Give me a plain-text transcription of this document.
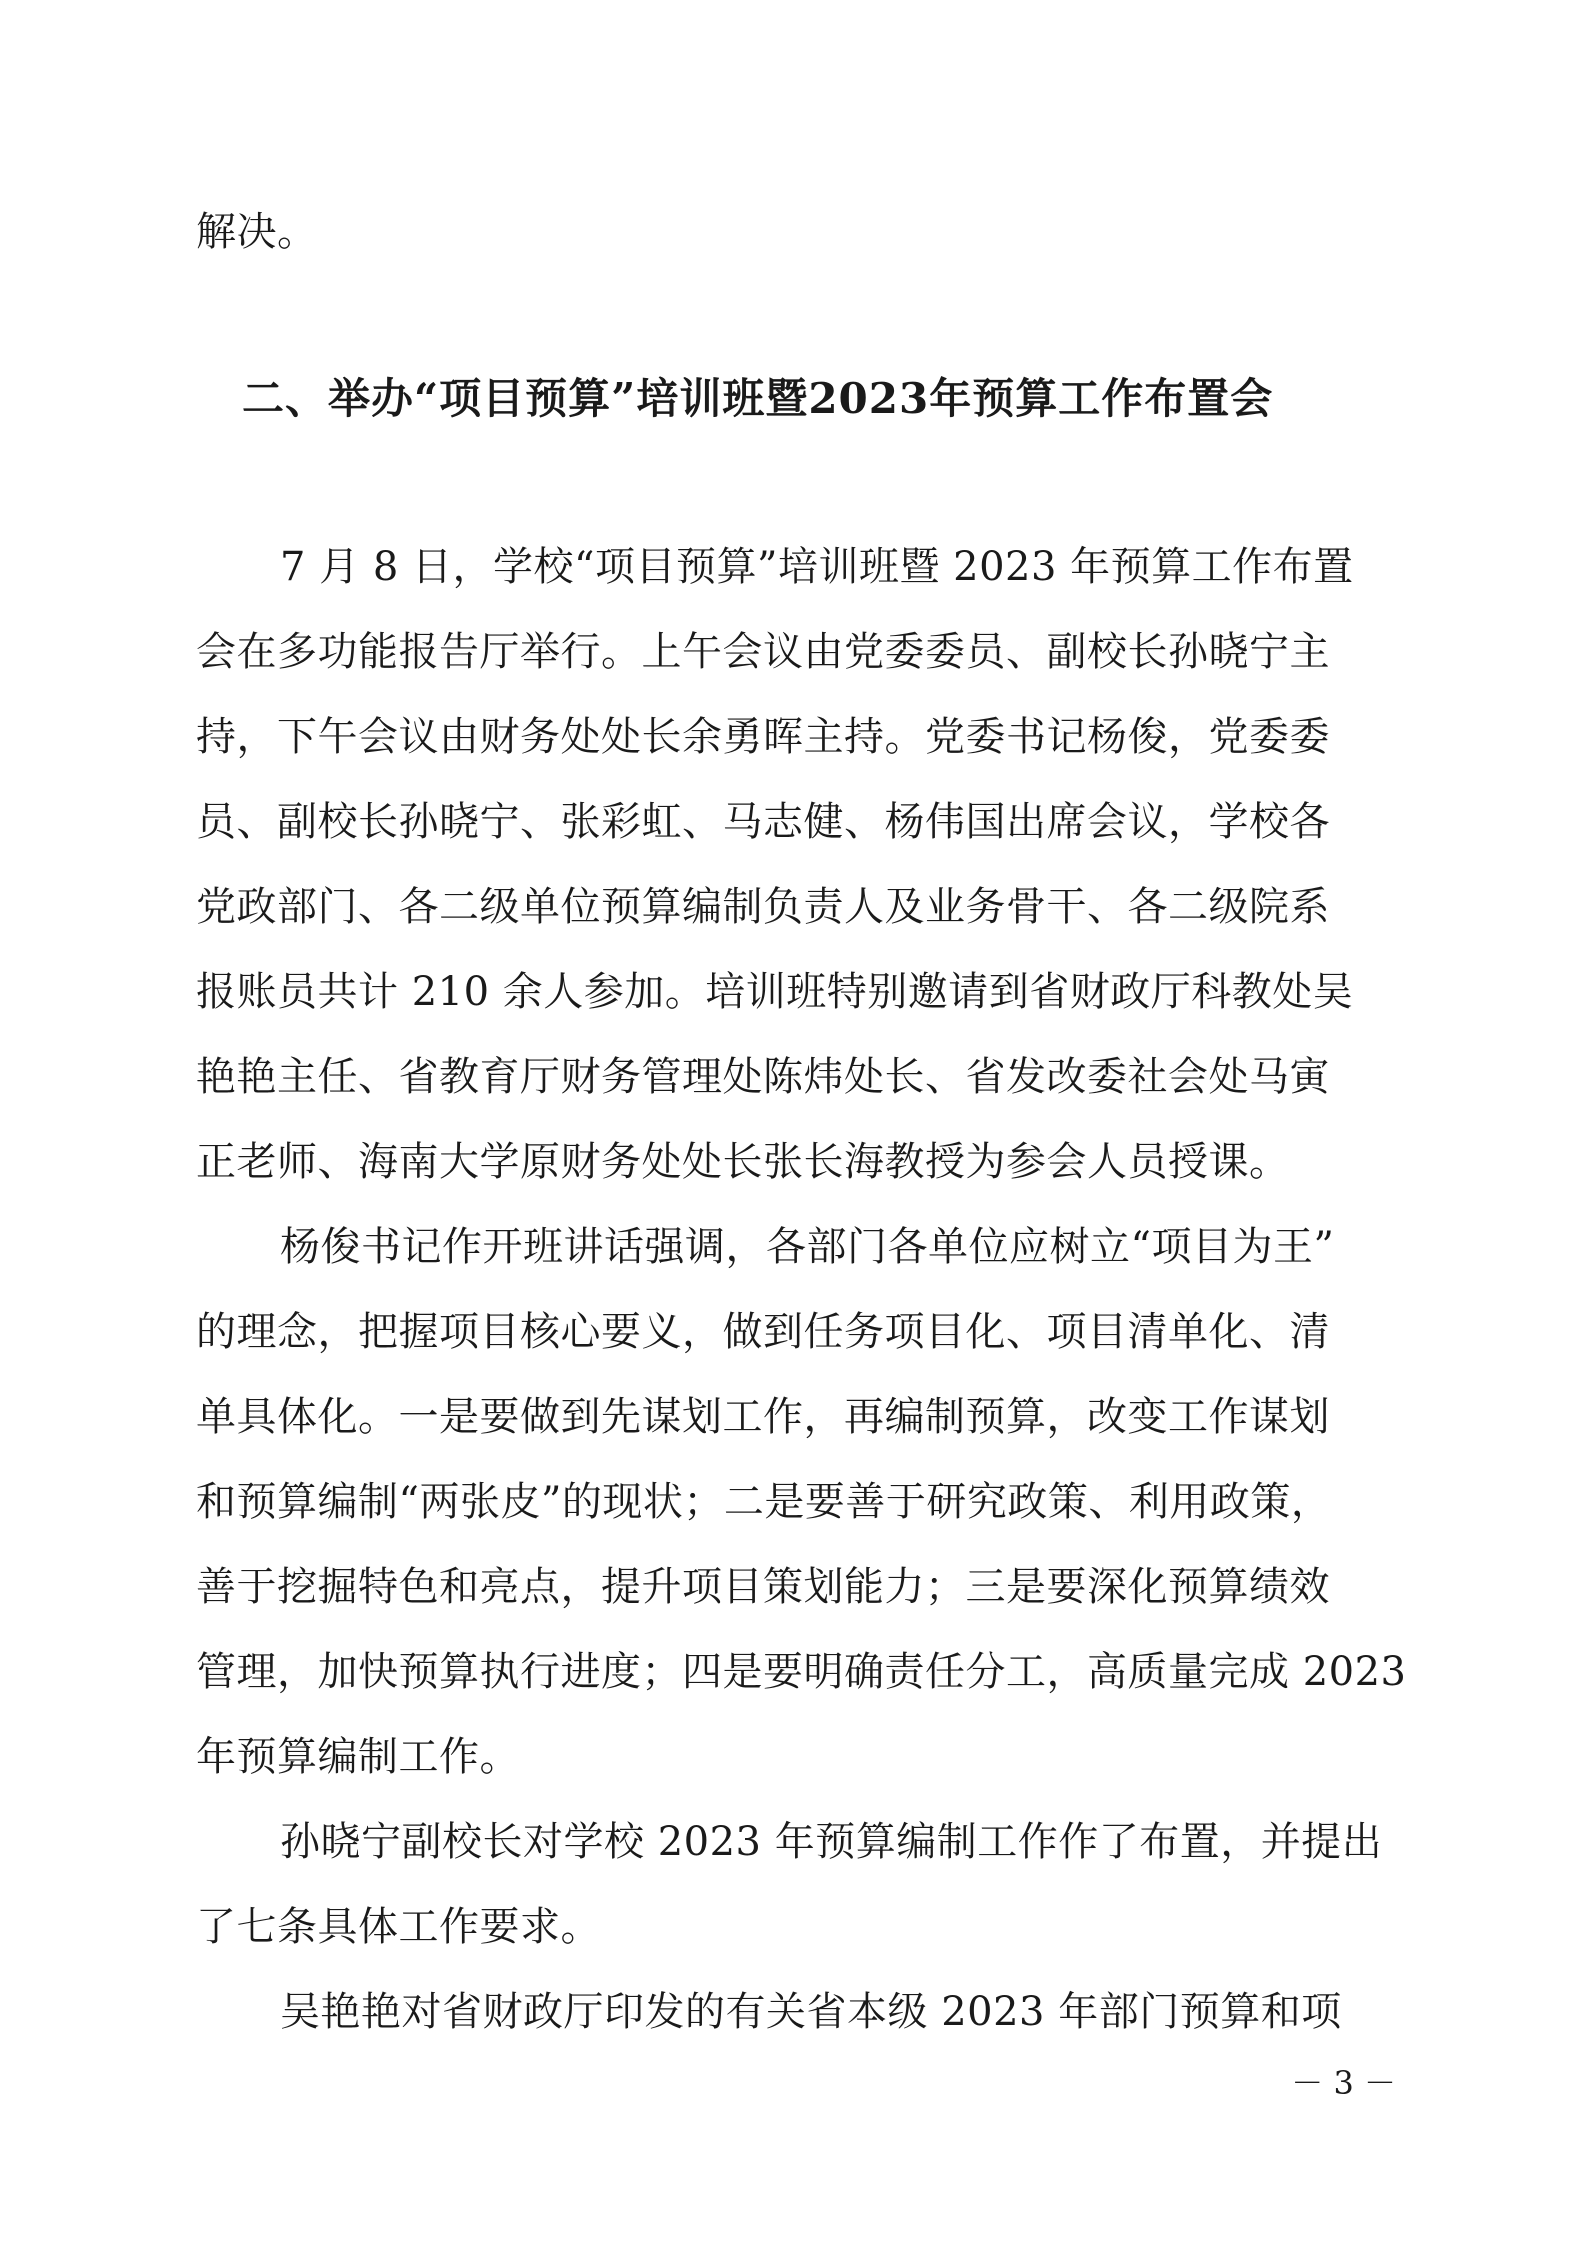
解决。
二、举办“项目预算”培训班暨2023年预算工作布置会
7 月 8 日，学校“项目预算”培训班暨 2023 年预算工作布置
会在多功能报告厅举行。上午会议由党委委员、副校长孙晓宁主
持，下午会议由财务处处长余勇晖主持。党委书记杨俊，党委委
员、副校长孙晓宁、张彩虹、马志健、杨伟国出席会议，学校各
党政部门、各二级单位预算编制负责人及业务骨干、各二级院系
报账员共计 210 余人参加。培训班特别邀请到省财政厅科教处吴
艳艳主任、省教育厅财务管理处陈炜处长、省发改委社会处马寅
正老师、海南大学原财务处处长张长海教授为参会人员授课。
杨俊书记作开班讲话强调，各部门各单位应树立“项目为王”
的理念，把握项目核心要义，做到任务项目化、项目清单化、清
单具体化。一是要做到先谋划工作，再编制预算，改变工作谋划
和预算编制“两张皮”的现状；二是要善于研究政策、利用政策，
善于挖掘特色和亮点，提升项目策划能力；三是要深化预算绩效
管理，加快预算执行进度；四是要明确责任分工，高质量完成 2023
年预算编制工作。
孙晓宁副校长对学校 2023 年预算编制工作作了布置，并提出
了七条具体工作要求。
吴艳艳对省财政厅印发的有关省本级 2023 年部门预算和项
－ 3 －
